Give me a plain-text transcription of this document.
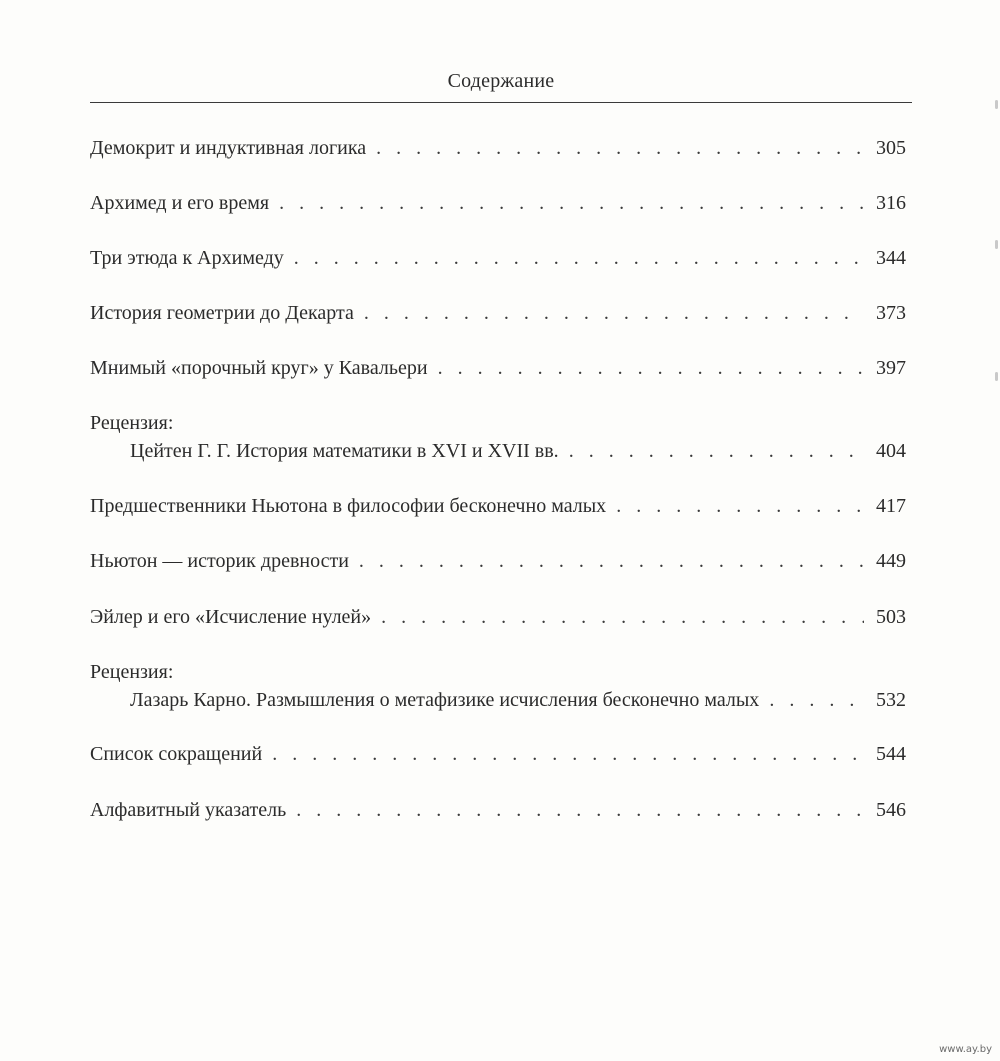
Содержание
Демокрит и индуктивная логика . . .	305
Архимед и его время . . .	316
Три этюда к Архимеду . . .	344
История геометрии до Декарта . . .	373
Мнимый «порочный круг» у Кавальери . . .	397
Рецензия:
Цейтен Г. Г. История математики в XVI и XVII вв. . . .	404
Предшественники Ньютона в философии бесконечно малых . . .	417
Ньютон — историк древности . . .	449
Эйлер и его «Исчисление нулей» . . .	503
Рецензия:
Лазарь Карно. Размышления о метафизике исчисления бесконечно малых . . .	532
Список сокращений . . .	544
Алфавитный указатель . . .	546
www.ay.by
